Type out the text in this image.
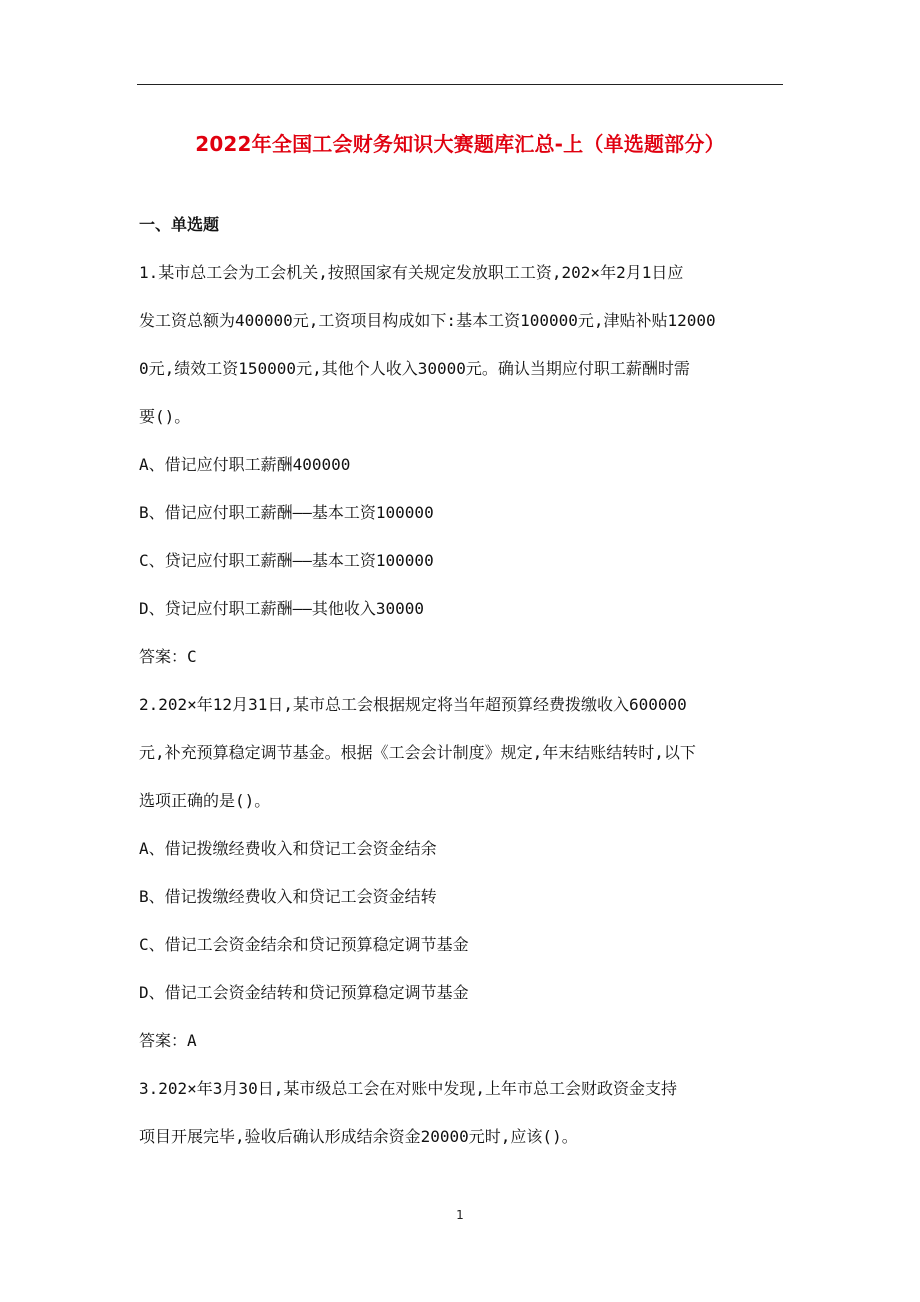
2022年全国工会财务知识大赛题库汇总-上（单选题部分）
一、单选题
1.某市总工会为工会机关,按照国家有关规定发放职工工资,202×年2月1日应
发工资总额为400000元,工资项目构成如下:基本工资100000元,津贴补贴12000
0元,绩效工资150000元,其他个人收入30000元。确认当期应付职工薪酬时需
要()。
A、借记应付职工薪酬400000
B、借记应付职工薪酬——基本工资100000
C、贷记应付职工薪酬——基本工资100000
D、贷记应付职工薪酬——其他收入30000
答案：C
2.202×年12月31日,某市总工会根据规定将当年超预算经费拨缴收入600000
元,补充预算稳定调节基金。根据《工会会计制度》规定,年末结账结转时,以下
选项正确的是()。
A、借记拨缴经费收入和贷记工会资金结余
B、借记拨缴经费收入和贷记工会资金结转
C、借记工会资金结余和贷记预算稳定调节基金
D、借记工会资金结转和贷记预算稳定调节基金
答案：A
3.202×年3月30日,某市级总工会在对账中发现,上年市总工会财政资金支持
项目开展完毕,验收后确认形成结余资金20000元时,应该()。
1
